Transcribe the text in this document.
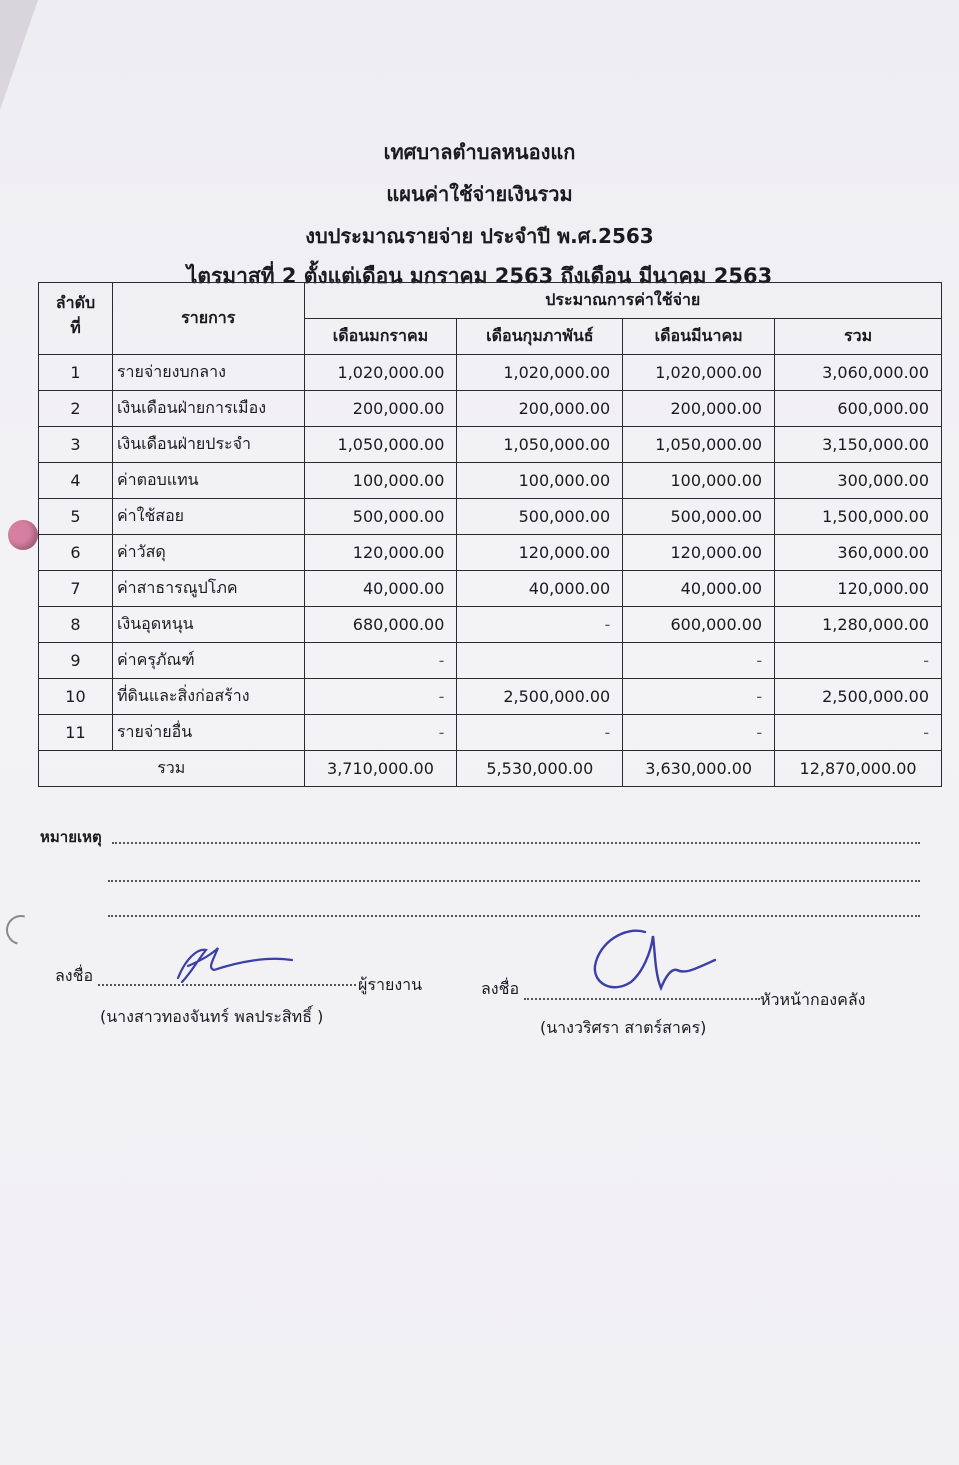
เทศบาลตำบลหนองแก
แผนค่าใช้จ่ายเงินรวม
งบประมาณรายจ่าย ประจำปี พ.ศ.2563
ไตรมาสที่ 2 ตั้งแต่เดือน มกราคม 2563 ถึงเดือน มีนาคม 2563
ลำดับที่	รายการ	ประมาณการค่าใช้จ่าย			
		เดือนมกราคม	เดือนกุมภาพันธ์	เดือนมีนาคม	รวม
1	รายจ่ายงบกลาง	1,020,000.00	1,020,000.00	1,020,000.00	3,060,000.00
2	เงินเดือนฝ่ายการเมือง	200,000.00	200,000.00	200,000.00	600,000.00
3	เงินเดือนฝ่ายประจำ	1,050,000.00	1,050,000.00	1,050,000.00	3,150,000.00
4	ค่าตอบแทน	100,000.00	100,000.00	100,000.00	300,000.00
5	ค่าใช้สอย	500,000.00	500,000.00	500,000.00	1,500,000.00
6	ค่าวัสดุ	120,000.00	120,000.00	120,000.00	360,000.00
7	ค่าสาธารณูปโภค	40,000.00	40,000.00	40,000.00	120,000.00
8	เงินอุดหนุน	680,000.00	-	600,000.00	1,280,000.00
9	ค่าครุภัณฑ์	-		-	-
10	ที่ดินและสิ่งก่อสร้าง	-	2,500,000.00	-	2,500,000.00
11	รายจ่ายอื่น	-	-	-	-
รวม		3,710,000.00	5,530,000.00	3,630,000.00	12,870,000.00
หมายเหตุ
ลงชื่อ	ผู้รายงาน
(นางสาวทองจันทร์ พลประสิทธิ์ )
ลงชื่อ
หัวหน้ากองคลัง
(นางวริศรา สาตร์สาคร)
